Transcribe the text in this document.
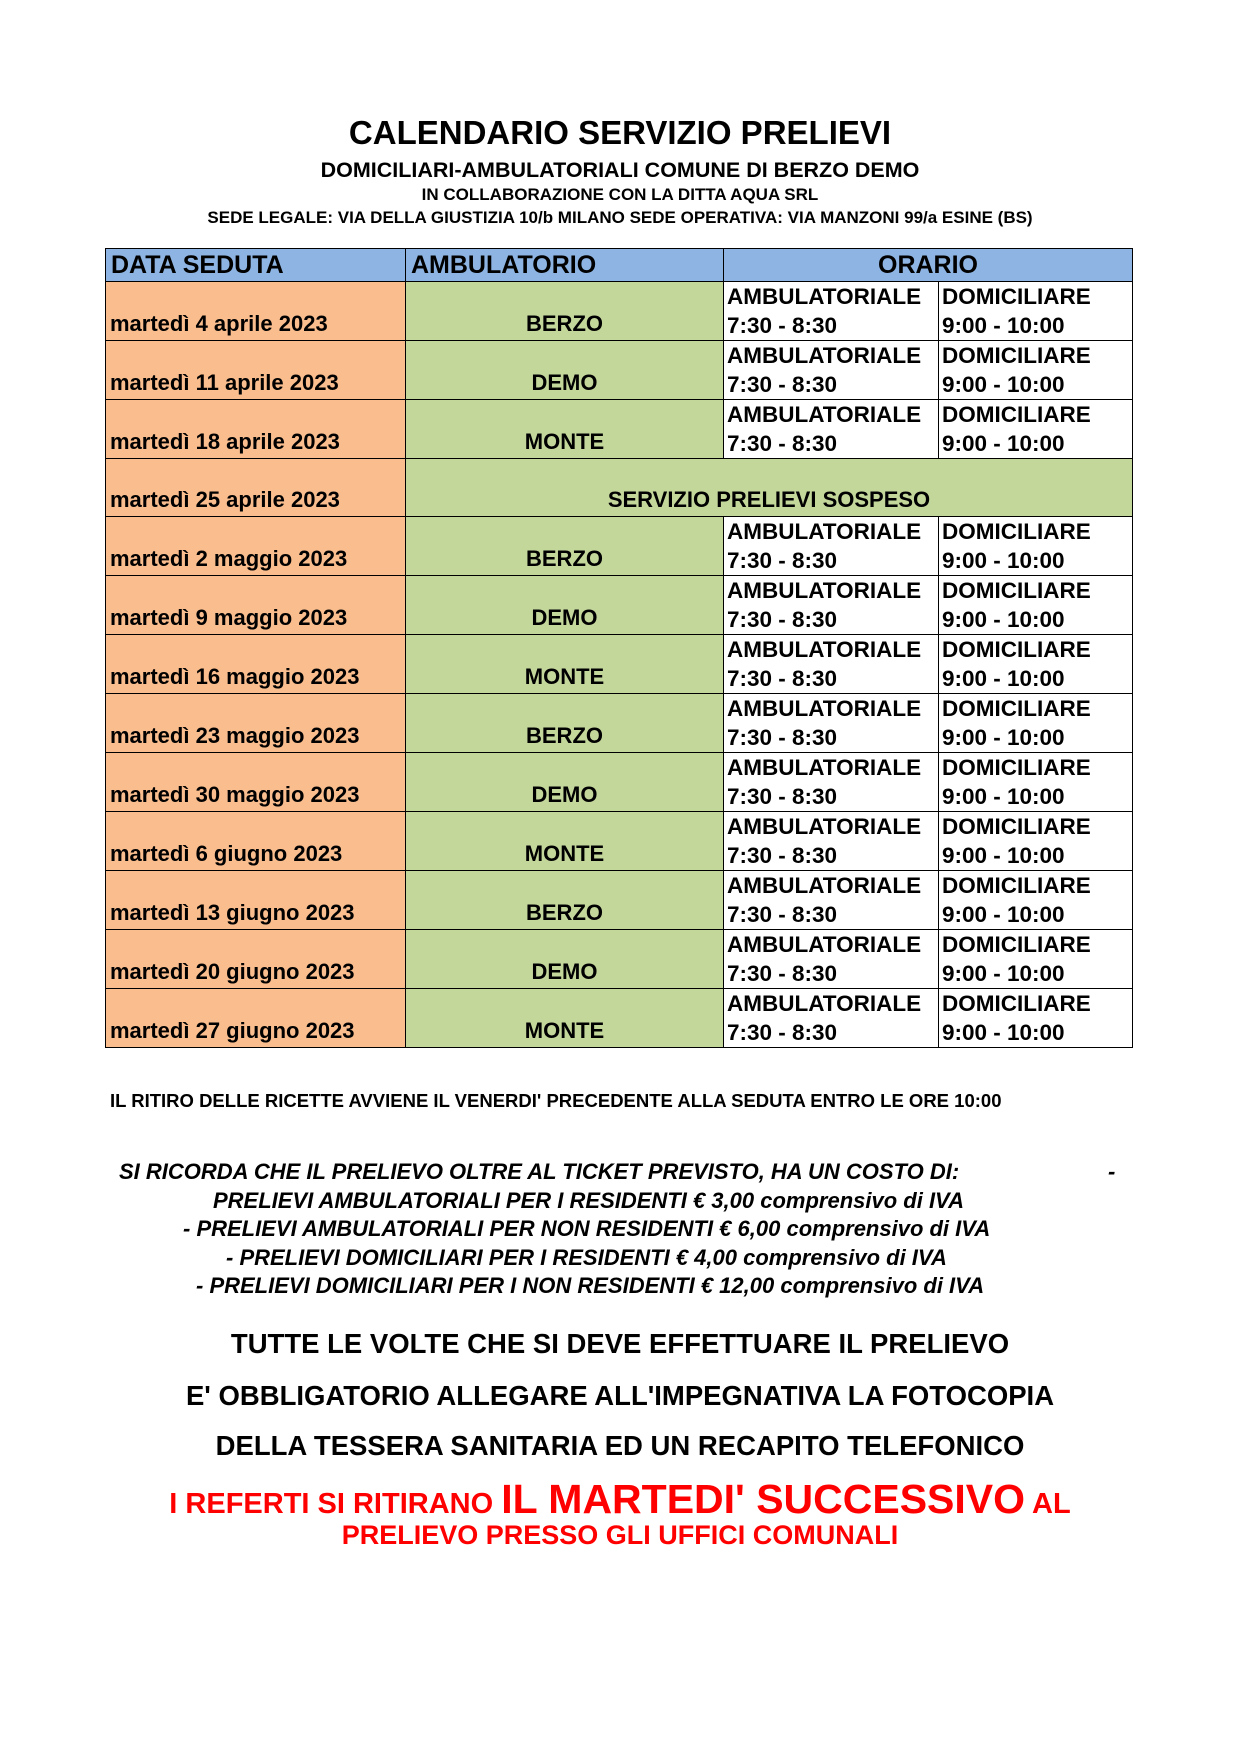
CALENDARIO SERVIZIO PRELIEVI

DOMICILIARI-AMBULATORIALI COMUNE DI BERZO DEMO

IN COLLABORAZIONE CON LA DITTA AQUA SRL

SEDE LEGALE: VIA DELLA GIUSTIZIA 10/b MILANO SEDE OPERATIVA: VIA MANZONI 99/a ESINE (BS)

DATA SEDUTA	AMBULATORIO	ORARIO	
martedì 4 aprile 2023	BERZO	AMBULATORIALE
7:30 - 8:30	DOMICILIARE
9:00 - 10:00

martedì 11 aprile 2023	DEMO	AMBULATORIALE
7:30 - 8:30	DOMICILIARE
9:00 - 10:00

martedì 18 aprile 2023	MONTE	AMBULATORIALE
7:30 - 8:30	DOMICILIARE
9:00 - 10:00

martedì 25 aprile 2023	SERVIZIO PRELIEVI SOSPESO		
martedì 2 maggio 2023	BERZO	AMBULATORIALE
7:30 - 8:30	DOMICILIARE
9:00 - 10:00

martedì 9 maggio 2023	DEMO	AMBULATORIALE
7:30 - 8:30	DOMICILIARE
9:00 - 10:00

martedì 16 maggio 2023	MONTE	AMBULATORIALE
7:30 - 8:30	DOMICILIARE
9:00 - 10:00

martedì 23 maggio 2023	BERZO	AMBULATORIALE
7:30 - 8:30	DOMICILIARE
9:00 - 10:00

martedì 30 maggio 2023	DEMO	AMBULATORIALE
7:30 - 8:30	DOMICILIARE
9:00 - 10:00

martedì 6 giugno 2023	MONTE	AMBULATORIALE
7:30 - 8:30	DOMICILIARE
9:00 - 10:00

martedì 13 giugno 2023	BERZO	AMBULATORIALE
7:30 - 8:30	DOMICILIARE
9:00 - 10:00

martedì 20 giugno 2023	DEMO	AMBULATORIALE
7:30 - 8:30	DOMICILIARE
9:00 - 10:00

martedì 27 giugno 2023	MONTE	AMBULATORIALE
7:30 - 8:30	DOMICILIARE
9:00 - 10:00

IL RITIRO DELLE RICETTE AVVIENE IL VENERDI' PRECEDENTE ALLA SEDUTA ENTRO LE ORE 10:00

SI RICORDA CHE IL PRELIEVO OLTRE AL TICKET PREVISTO, HA UN COSTO DI:	-
PRELIEVI AMBULATORIALI PER I RESIDENTI € 3,00 comprensivo di IVA
- PRELIEVI AMBULATORIALI PER NON RESIDENTI € 6,00 comprensivo di IVA
- PRELIEVI DOMICILIARI PER I RESIDENTI € 4,00 comprensivo di IVA
- PRELIEVI DOMICILIARI PER I NON RESIDENTI € 12,00 comprensivo di IVA

TUTTE LE VOLTE CHE SI DEVE EFFETTUARE IL PRELIEVO

E' OBBLIGATORIO ALLEGARE ALL'IMPEGNATIVA LA FOTOCOPIA

DELLA TESSERA SANITARIA ED UN RECAPITO TELEFONICO

I REFERTI SI RITIRANO IL MARTEDI' SUCCESSIVO AL
PRELIEVO PRESSO GLI UFFICI COMUNALI
